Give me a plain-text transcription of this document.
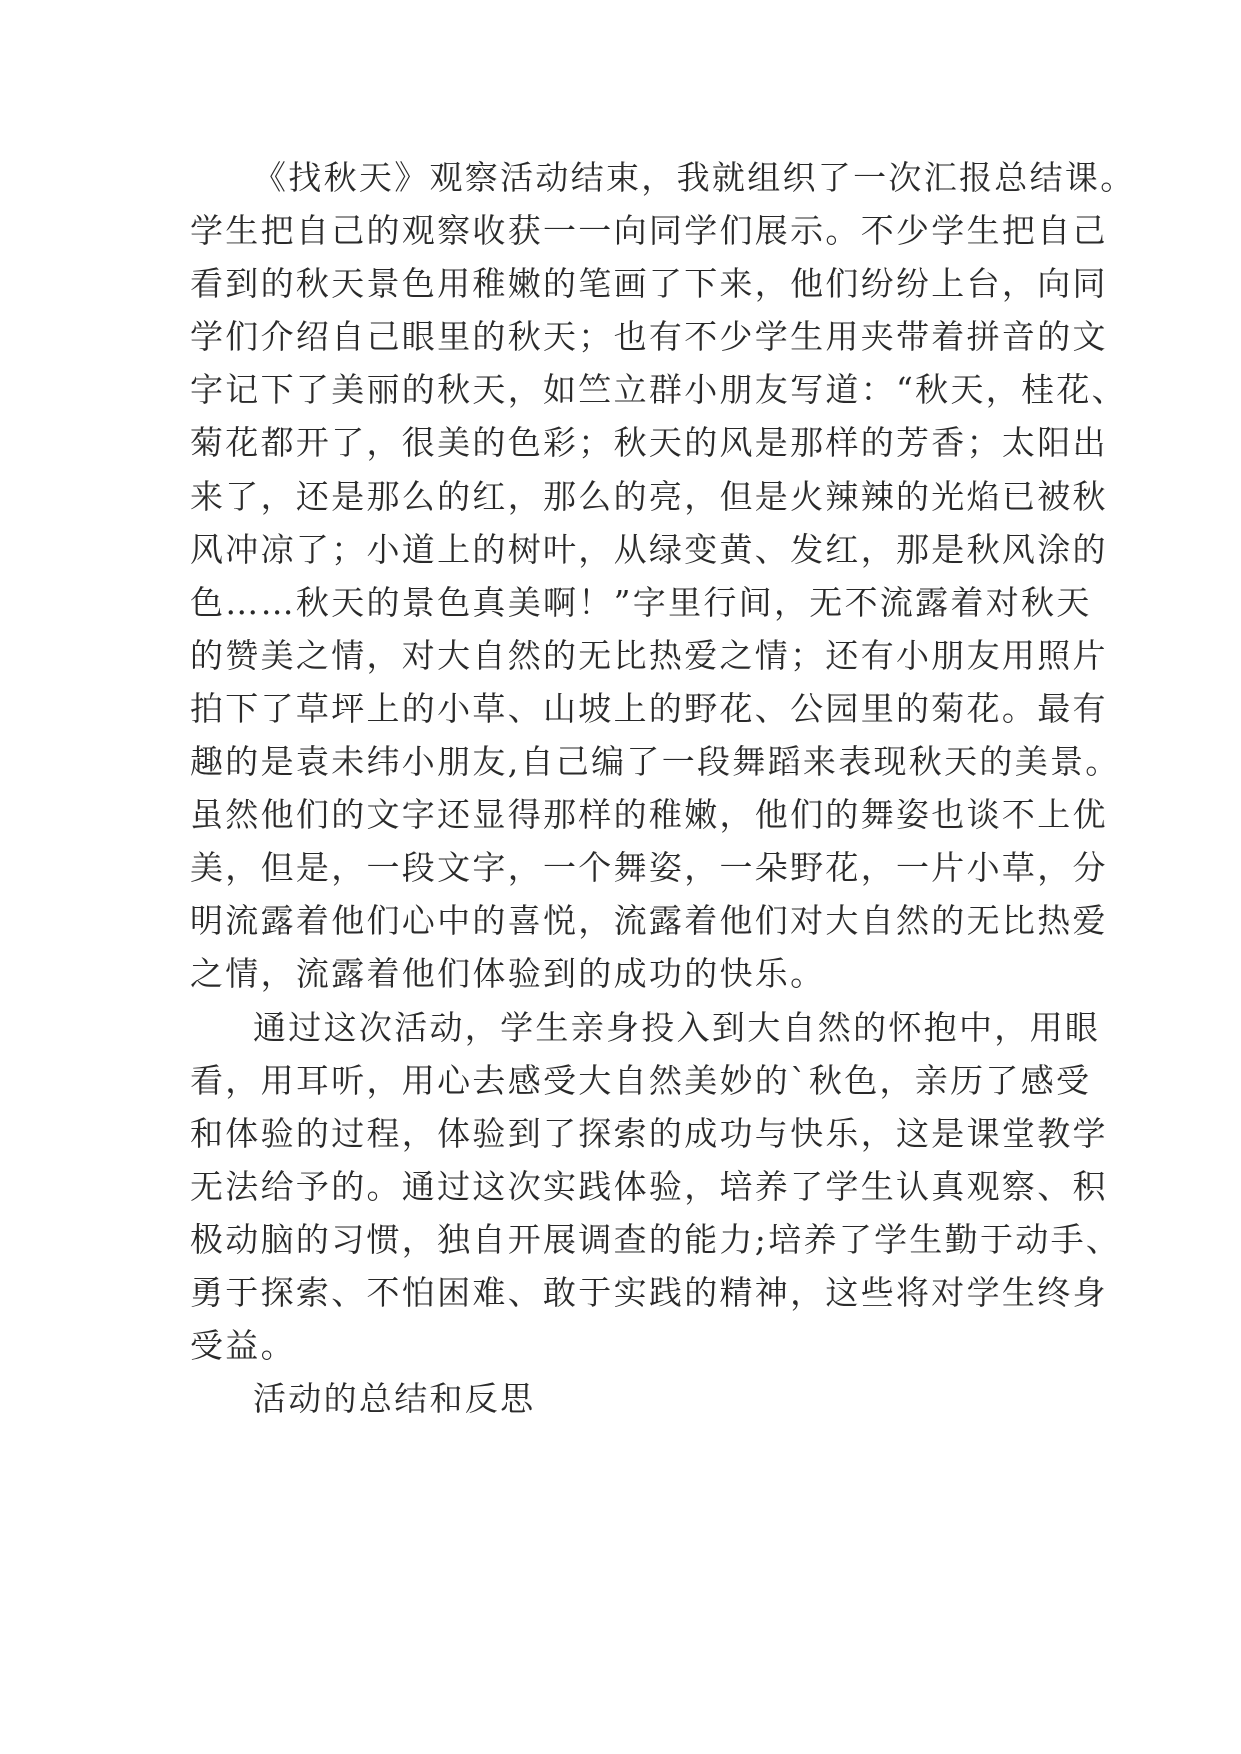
《找秋天》观察活动结束，我就组织了一次汇报总结课。
学生把自己的观察收获一一向同学们展示。不少学生把自己
看到的秋天景色用稚嫩的笔画了下来，他们纷纷上台，向同
学们介绍自己眼里的秋天；也有不少学生用夹带着拼音的文
字记下了美丽的秋天，如竺立群小朋友写道：“秋天，桂花、
菊花都开了，很美的色彩；秋天的风是那样的芳香；太阳出
来了，还是那么的红，那么的亮，但是火辣辣的光焰已被秋
风冲凉了；小道上的树叶，从绿变黄、发红，那是秋风涂的
色……秋天的景色真美啊！”字里行间，无不流露着对秋天
的赞美之情，对大自然的无比热爱之情；还有小朋友用照片
拍下了草坪上的小草、山坡上的野花、公园里的菊花。最有
趣的是袁未纬小朋友,自己编了一段舞蹈来表现秋天的美景。
虽然他们的文字还显得那样的稚嫩，他们的舞姿也谈不上优
美，但是，一段文字，一个舞姿，一朵野花，一片小草，分
明流露着他们心中的喜悦，流露着他们对大自然的无比热爱
之情，流露着他们体验到的成功的快乐。
通过这次活动，学生亲身投入到大自然的怀抱中，用眼
看，用耳听，用心去感受大自然美妙的`秋色，亲历了感受
和体验的过程，体验到了探索的成功与快乐，这是课堂教学
无法给予的。通过这次实践体验，培养了学生认真观察、积
极动脑的习惯，独自开展调查的能力;培养了学生勤于动手、
勇于探索、不怕困难、敢于实践的精神，这些将对学生终身
受益。
活动的总结和反思
